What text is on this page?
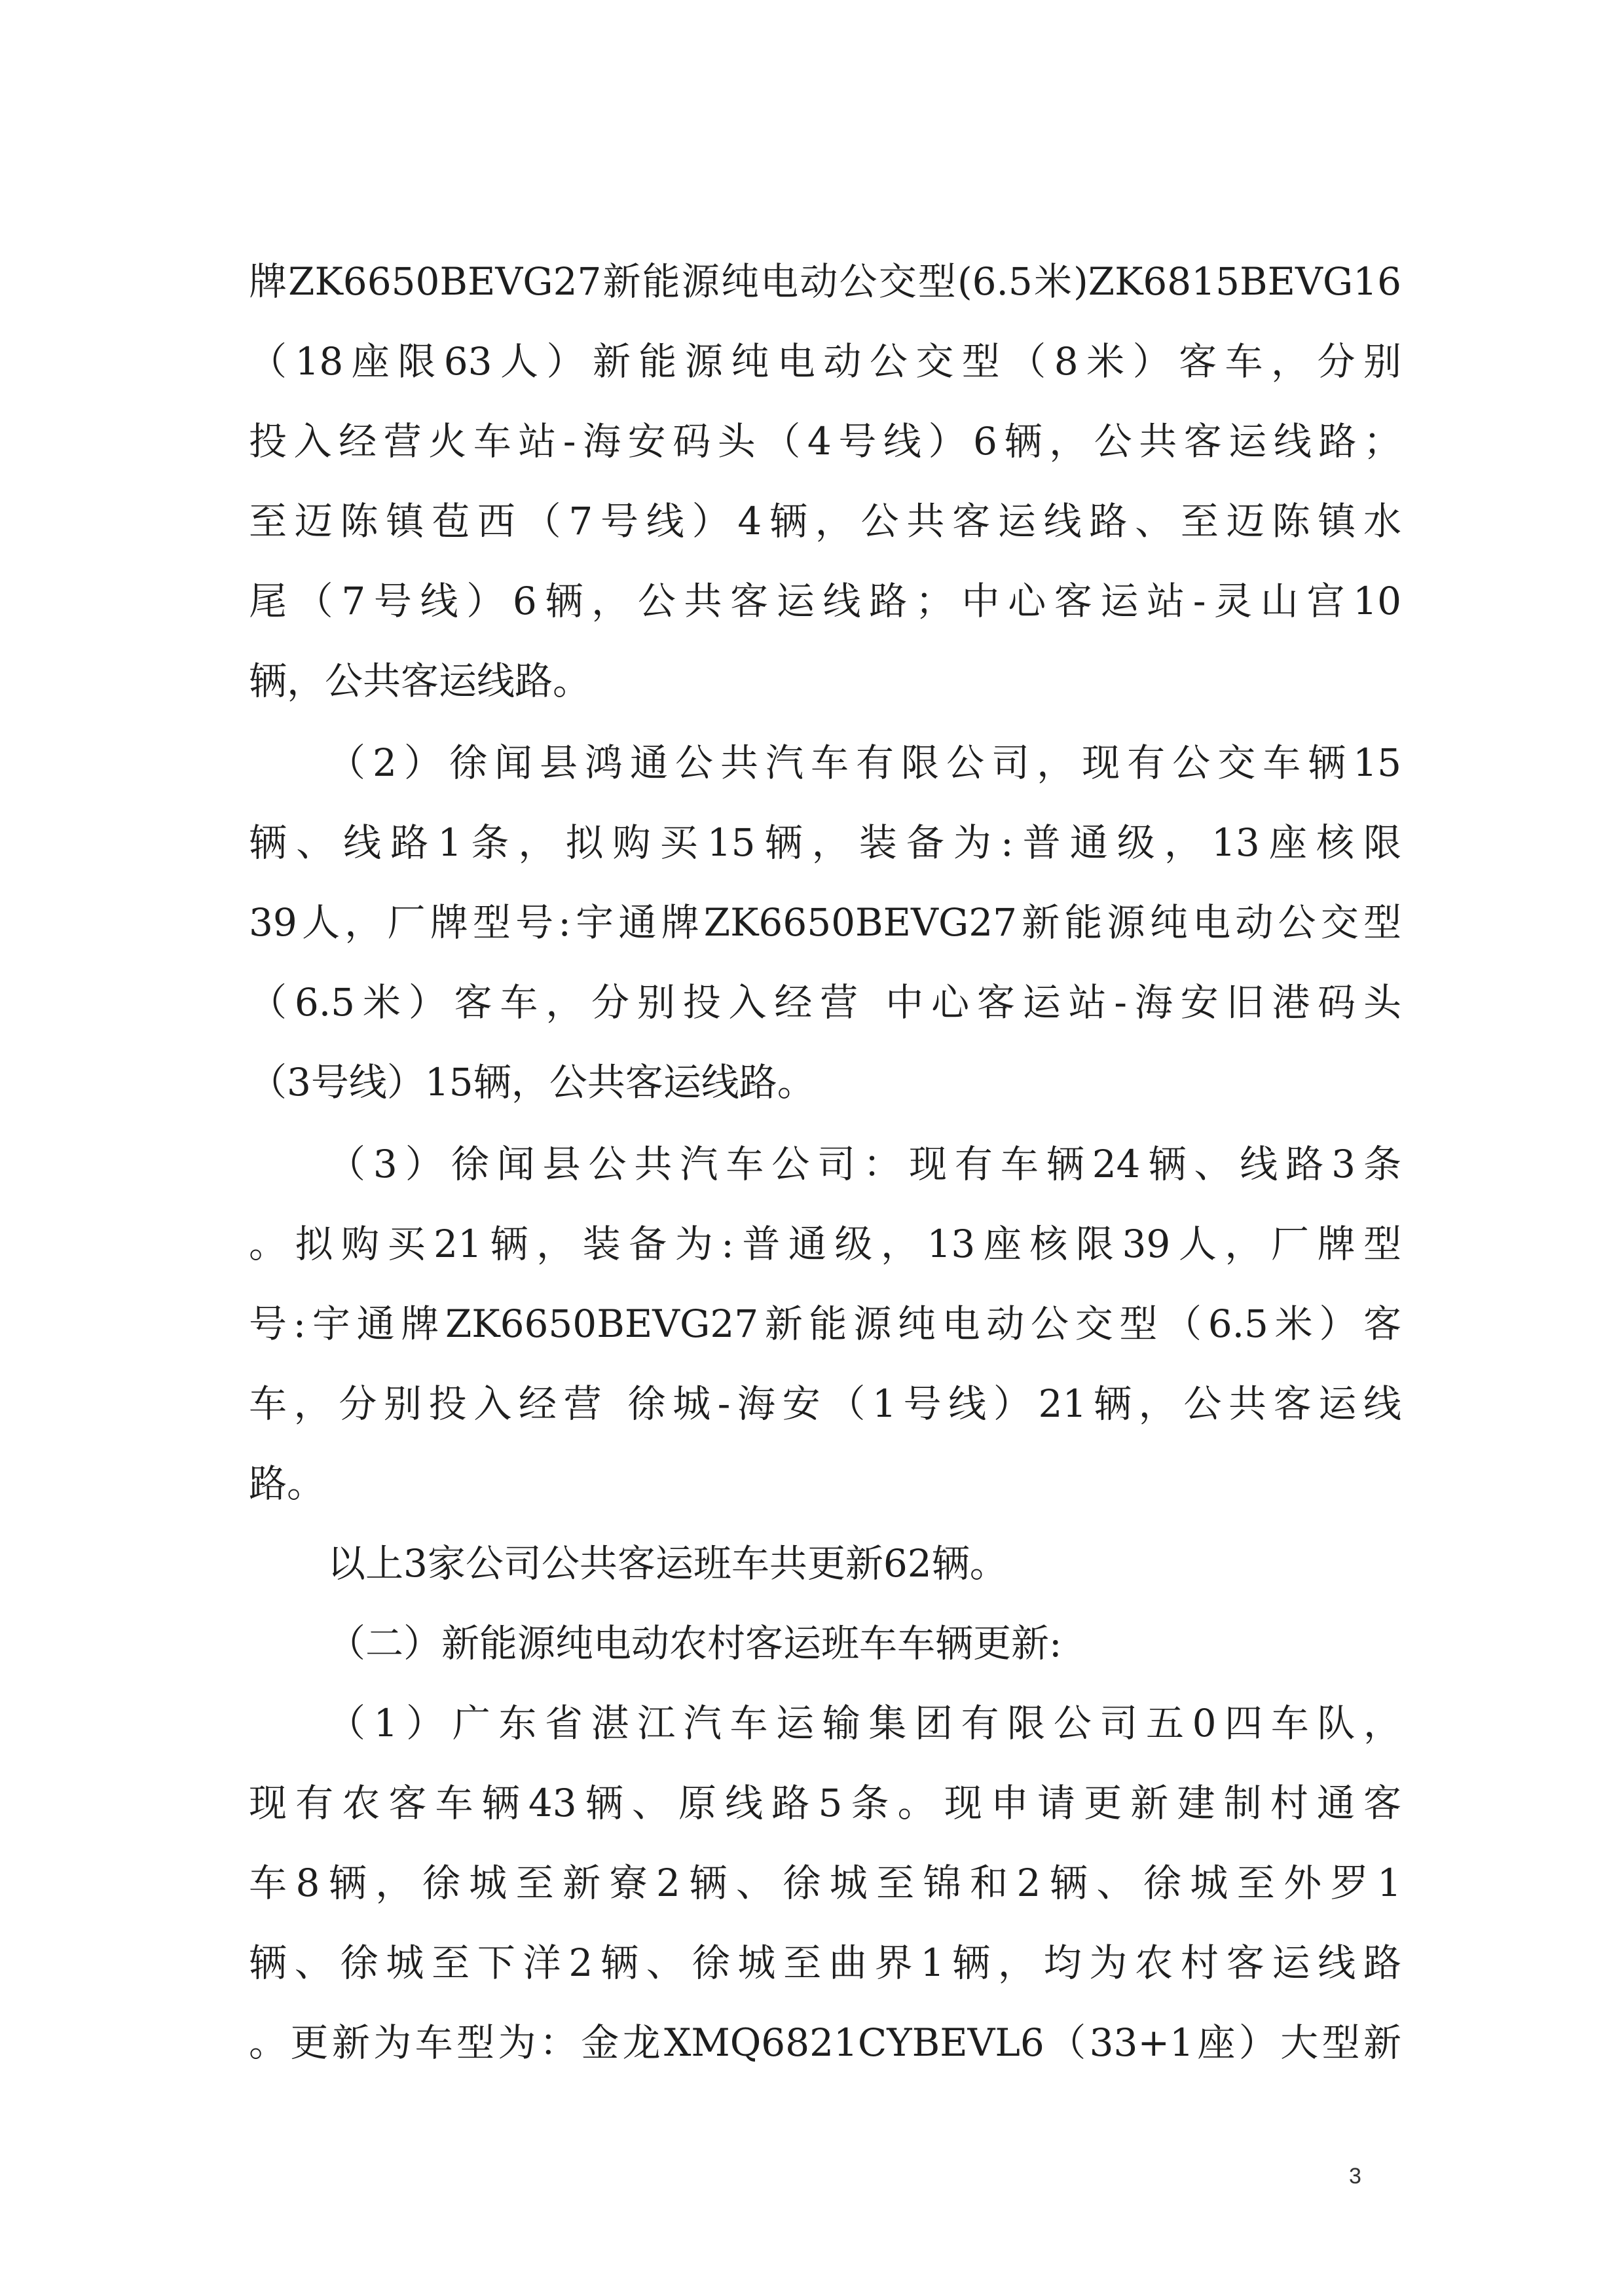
牌ZK6650BEVG27新能源纯电动公交型(6.5米)ZK6815BEVG16
（18座限63人）新能源纯电动公交型（8米）客车，分别
投入经营火车站-海安码头（4号线）6辆，公共客运线路；
至迈陈镇苞西（7号线）4辆，公共客运线路、至迈陈镇水
尾（7号线）6辆，公共客运线路；中心客运站-灵山宫10
辆，公共客运线路。
（2）徐闻县鸿通公共汽车有限公司，现有公交车辆15
辆、线路1条，拟购买15辆，装备为:普通级，13座核限
39人，厂牌型号:宇通牌ZK6650BEVG27新能源纯电动公交型
（6.5米）客车，分别投入经营 中心客运站-海安旧港码头
（3号线）15辆，公共客运线路。
（3）徐闻县公共汽车公司：现有车辆24辆、线路3条
。拟购买21辆，装备为:普通级，13座核限39人，厂牌型
号:宇通牌ZK6650BEVG27新能源纯电动公交型（6.5米）客
车，分别投入经营 徐城-海安（1号线）21辆，公共客运线
路。
以上3家公司公共客运班车共更新62辆。
（二）新能源纯电动农村客运班车车辆更新:
（1）广东省湛江汽车运输集团有限公司五0四车队，
现有农客车辆43辆、原线路5条。现申请更新建制村通客
车8辆，徐城至新寮2辆、徐城至锦和2辆、徐城至外罗1
辆、徐城至下洋2辆、徐城至曲界1辆，均为农村客运线路
。更新为车型为：金龙XMQ6821CYBEVL6（33+1座）大型新
3
